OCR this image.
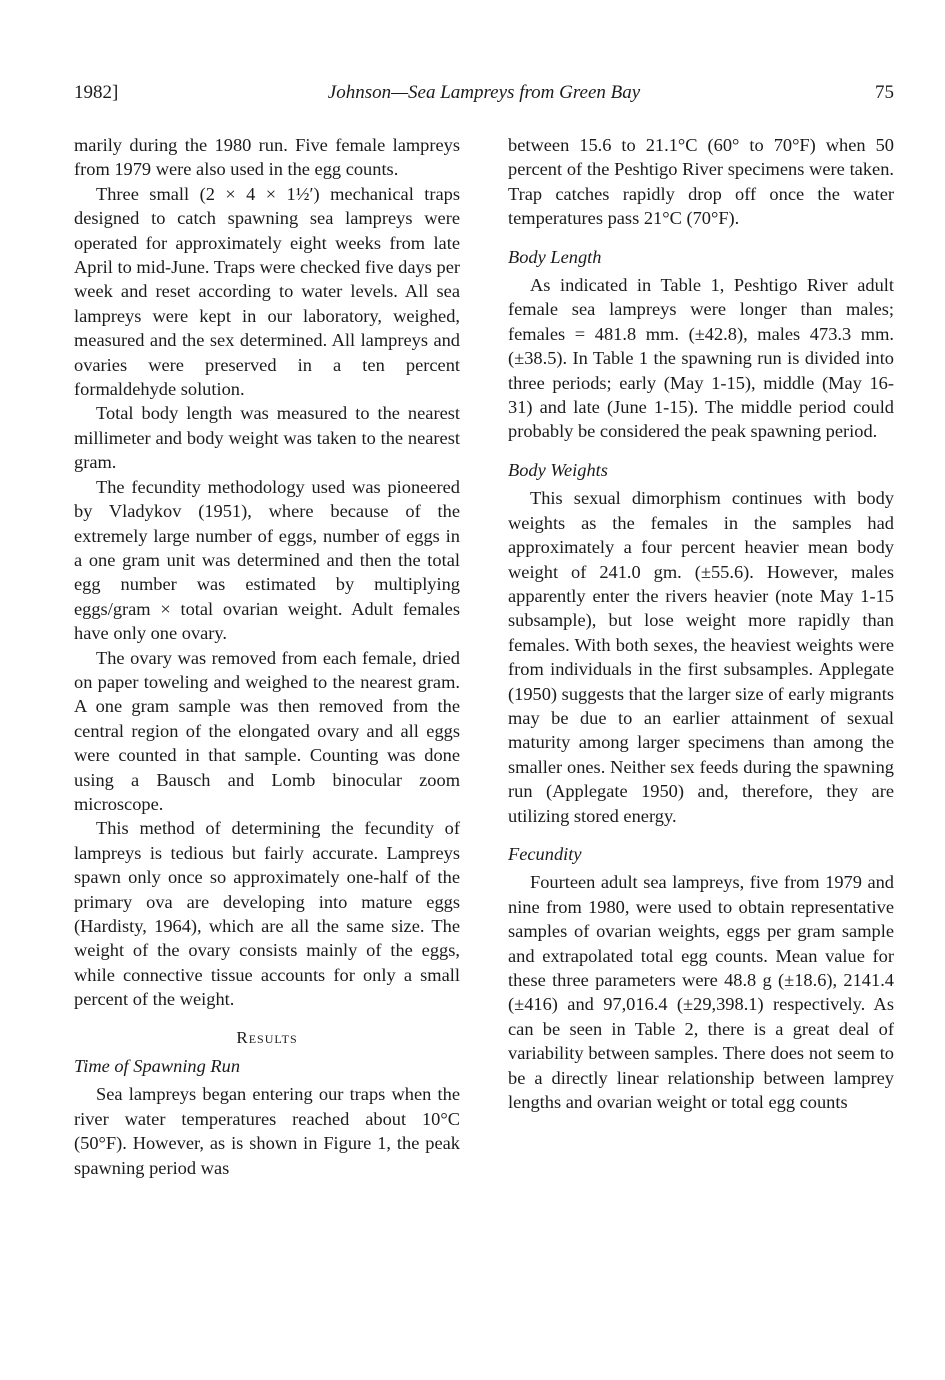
1982]	Johnson—Sea Lampreys from Green Bay	75

marily during the 1980 run. Five female lampreys from 1979 were also used in the egg counts.

Three small (2 × 4 × 1½′) mechanical traps designed to catch spawning sea lampreys were operated for approximately eight weeks from late April to mid-June. Traps were checked five days per week and reset according to water levels. All sea lampreys were kept in our laboratory, weighed, measured and the sex determined. All lampreys and ovaries were preserved in a ten percent formaldehyde solution.

Total body length was measured to the nearest millimeter and body weight was taken to the nearest gram.

The fecundity methodology used was pioneered by Vladykov (1951), where because of the extremely large number of eggs, number of eggs in a one gram unit was determined and then the total egg number was estimated by multiplying eggs/gram × total ovarian weight. Adult females have only one ovary.

The ovary was removed from each female, dried on paper toweling and weighed to the nearest gram. A one gram sample was then removed from the central region of the elongated ovary and all eggs were counted in that sample. Counting was done using a Bausch and Lomb binocular zoom microscope.

This method of determining the fecundity of lampreys is tedious but fairly accurate. Lampreys spawn only once so approximately one-half of the primary ova are developing into mature eggs (Hardisty, 1964), which are all the same size. The weight of the ovary consists mainly of the eggs, while connective tissue accounts for only a small percent of the weight.

Results
Time of Spawning Run

Sea lampreys began entering our traps when the river water temperatures reached about 10°C (50°F). However, as is shown in Figure 1, the peak spawning period was

between 15.6 to 21.1°C (60° to 70°F) when 50 percent of the Peshtigo River specimens were taken. Trap catches rapidly drop off once the water temperatures pass 21°C (70°F).

Body Length

As indicated in Table 1, Peshtigo River adult female sea lampreys were longer than males; females = 481.8 mm. (±42.8), males 473.3 mm. (±38.5). In Table 1 the spawning run is divided into three periods; early (May 1-15), middle (May 16-31) and late (June 1-15). The middle period could probably be considered the peak spawning period.

Body Weights

This sexual dimorphism continues with body weights as the females in the samples had approximately a four percent heavier mean body weight of 241.0 gm. (±55.6). However, males apparently enter the rivers heavier (note May 1-15 subsample), but lose weight more rapidly than females. With both sexes, the heaviest weights were from individuals in the first subsamples. Applegate (1950) suggests that the larger size of early migrants may be due to an earlier attainment of sexual maturity among larger specimens than among the smaller ones. Neither sex feeds during the spawning run (Applegate 1950) and, therefore, they are utilizing stored energy.

Fecundity

Fourteen adult sea lampreys, five from 1979 and nine from 1980, were used to obtain representative samples of ovarian weights, eggs per gram sample and extrapolated total egg counts. Mean value for these three parameters were 48.8 g (±18.6), 2141.4 (±416) and 97,016.4 (±29,398.1) respectively. As can be seen in Table 2, there is a great deal of variability between samples. There does not seem to be a directly linear relationship between lamprey lengths and ovarian weight or total egg counts
